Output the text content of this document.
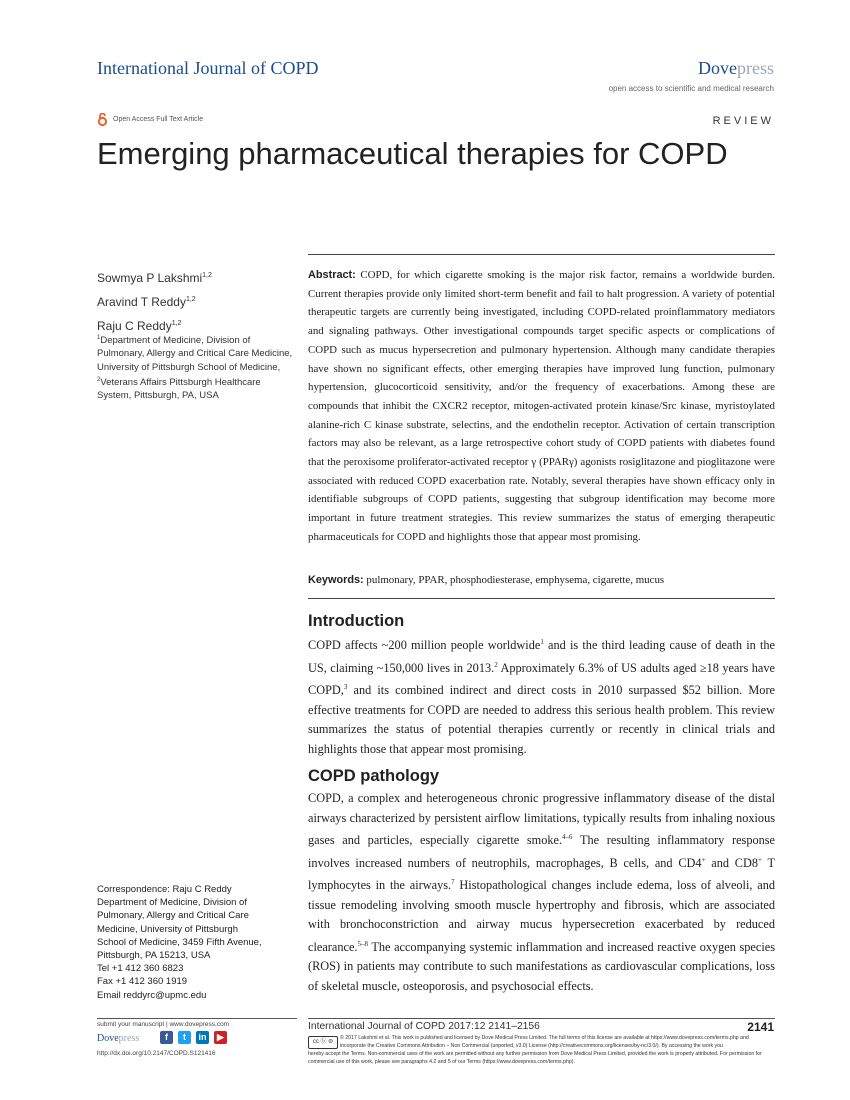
International Journal of COPD	Dovepress
open access to scientific and medical research
Open Access Full Text Article	REVIEW
Emerging pharmaceutical therapies for COPD
Sowmya P Lakshmi$^{1,2}$
Aravind T Reddy$^{1,2}$
Raju C Reddy$^{1,2}$
$^1$Department of Medicine, Division of Pulmonary, Allergy and Critical Care Medicine, University of Pittsburgh School of Medicine, $^2$Veterans Affairs Pittsburgh Healthcare System, Pittsburgh, PA, USA
Abstract: COPD, for which cigarette smoking is the major risk factor, remains a worldwide burden. Current therapies provide only limited short-term benefit and fail to halt progression. A variety of potential therapeutic targets are currently being investigated, including COPD-related proinflammatory mediators and signaling pathways. Other investigational compounds target specific aspects or complications of COPD such as mucus hypersecretion and pulmonary hypertension. Although many candidate therapies have shown no significant effects, other emerging therapies have improved lung function, pulmonary hypertension, glucocorticoid sensitivity, and/or the frequency of exacerbations. Among these are compounds that inhibit the CXCR2 receptor, mitogen-activated protein kinase/Src kinase, myristoylated alanine-rich C kinase substrate, selectins, and the endothelin receptor. Activation of certain transcription factors may also be relevant, as a large retrospective cohort study of COPD patients with diabetes found that the peroxisome proliferator-activated receptor γ (PPARγ) agonists rosiglitazone and pioglitazone were associated with reduced COPD exacerbation rate. Notably, several therapies have shown efficacy only in identifiable subgroups of COPD patients, suggesting that subgroup identification may become more important in future treatment strategies. This review summarizes the status of emerging therapeutic pharmaceuticals for COPD and highlights those that appear most promising.
Keywords: pulmonary, PPAR, phosphodiesterase, emphysema, cigarette, mucus
Introduction
COPD affects ~200 million people worldwide$^1$ and is the third leading cause of death in the US, claiming ~150,000 lives in 2013.$^2$ Approximately 6.3% of US adults aged ≥18 years have COPD,$^3$ and its combined indirect and direct costs in 2010 surpassed $52 billion. More effective treatments for COPD are needed to address this serious health problem. This review summarizes the status of potential therapies currently or recently in clinical trials and highlights those that appear most promising.
COPD pathology
COPD, a complex and heterogeneous chronic progressive inflammatory disease of the distal airways characterized by persistent airflow limitations, typically results from inhaling noxious gases and particles, especially cigarette smoke.$^{4-6}$ The resulting inflammatory response involves increased numbers of neutrophils, macrophages, B cells, and CD4+ and CD8+ T lymphocytes in the airways.$^7$ Histopathological changes include edema, loss of alveoli, and tissue remodeling involving smooth muscle hypertrophy and fibrosis, which are associated with bronchoconstriction and airway mucus hypersecretion exacerbated by reduced clearance.$^{5-8}$ The accompanying systemic inflammation and increased reactive oxygen species (ROS) in patients may contribute to such manifestations as cardiovascular complications, loss of skeletal muscle, osteoporosis, and psychosocial effects.
Correspondence: Raju C Reddy
Department of Medicine, Division of
Pulmonary, Allergy and Critical Care
Medicine, University of Pittsburgh
School of Medicine, 3459 Fifth Avenue,
Pittsburgh, PA 15213, USA
Tel +1 412 360 6823
Fax +1 412 360 1919
Email reddyrc@upmc.edu
submit your manuscript | www.dovepress.com
Dovepress	f	t	in	▶
http://dx.doi.org/10.2147/COPD.S121416
International Journal of COPD 2017:12 2141–2156	2141
cc ⓑ ⊜
© 2017 Lakshmi et al. This work is published and licensed by Dove Medical Press Limited. The full terms of this license are available at https://www.dovepress.com/terms.php and incorporate the Creative Commons Attribution – Non Commercial (unported, v3.0) License (http://creativecommons.org/licenses/by-nc/3.0/). By accessing the work you
hereby accept the Terms. Non-commercial uses of the work are permitted without any further permission from Dove Medical Press Limited, provided the work is properly attributed. For permission for commercial use of this work, please see paragraphs 4.2 and 5 of our Terms (https://www.dovepress.com/terms.php).
